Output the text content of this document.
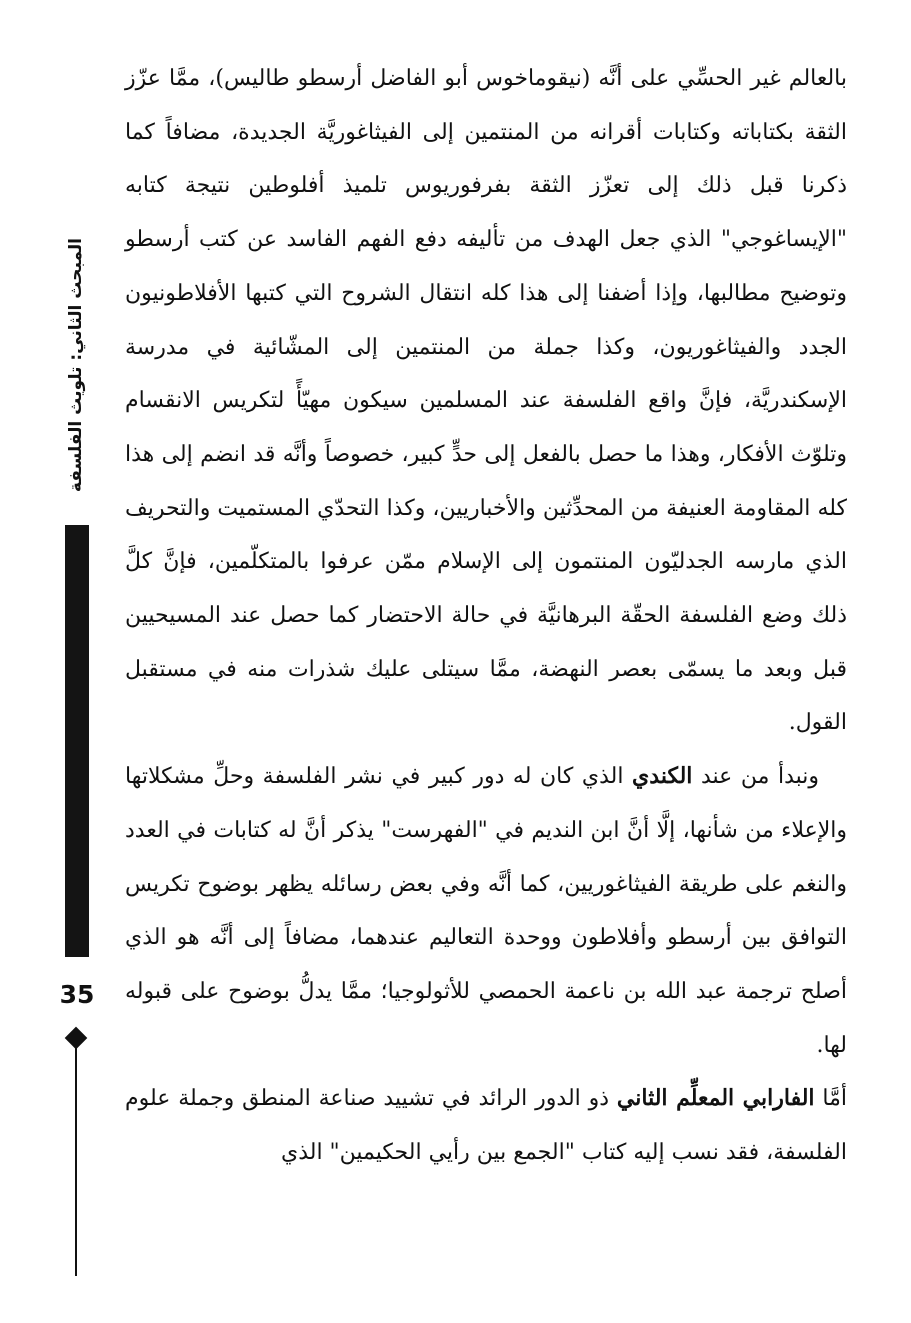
المبحث الثاني: تلويث الفلسفة
35

بالعالم غير الحسِّي على أنَّه (نيقوماخوس أبو الفاضل أرسطو طاليس)، ممَّا عزّز الثقة بكتاباته وكتابات أقرانه من المنتمين إلى الفيثاغوريَّة الجديدة، مضافاً كما ذكرنا قبل ذلك إلى تعزّز الثقة بفرفوريوس تلميذ أفلوطين نتيجة كتابه "الإيساغوجي" الذي جعل الهدف من تأليفه دفع الفهم الفاسد عن كتب أرسطو وتوضيح مطالبها، وإذا أضفنا إلى هذا كله انتقال الشروح التي كتبها الأفلاطونيون الجدد والفيثاغوريون، وكذا جملة من المنتمين إلى المشّائية في مدرسة الإسكندريَّة، فإنَّ واقع الفلسفة عند المسلمين سيكون مهيّأً لتكريس الانقسام وتلوّث الأفكار، وهذا ما حصل بالفعل إلى حدٍّ كبير، خصوصاً وأنَّه قد انضم إلى هذا كله المقاومة العنيفة من المحدِّثين والأخباريين، وكذا التحدّي المستميت والتحريف الذي مارسه الجدليّون المنتمون إلى الإسلام ممّن عرفوا بالمتكلّمين، فإنَّ كلَّ ذلك وضع الفلسفة الحقّة البرهانيَّة في حالة الاحتضار كما حصل عند المسيحيين قبل وبعد ما يسمّى بعصر النهضة، ممَّا سيتلى عليك شذرات منه في مستقبل القول.

ونبدأ من عند الكندي الذي كان له دور كبير في نشر الفلسفة وحلِّ مشكلاتها والإعلاء من شأنها، إلَّا أنَّ ابن النديم في "الفهرست" يذكر أنَّ له كتابات في العدد والنغم على طريقة الفيثاغوريين، كما أنَّه وفي بعض رسائله يظهر بوضوح تكريس التوافق بين أرسطو وأفلاطون ووحدة التعاليم عندهما، مضافاً إلى أنَّه هو الذي أصلح ترجمة عبد الله بن ناعمة الحمصي للأثولوجيا؛ ممَّا يدلُّ بوضوح على قبوله لها.

أمَّا الفارابي المعلِّم الثاني ذو الدور الرائد في تشييد صناعة المنطق وجملة علوم الفلسفة، فقد نسب إليه كتاب "الجمع بين رأيي الحكيمين" الذي
